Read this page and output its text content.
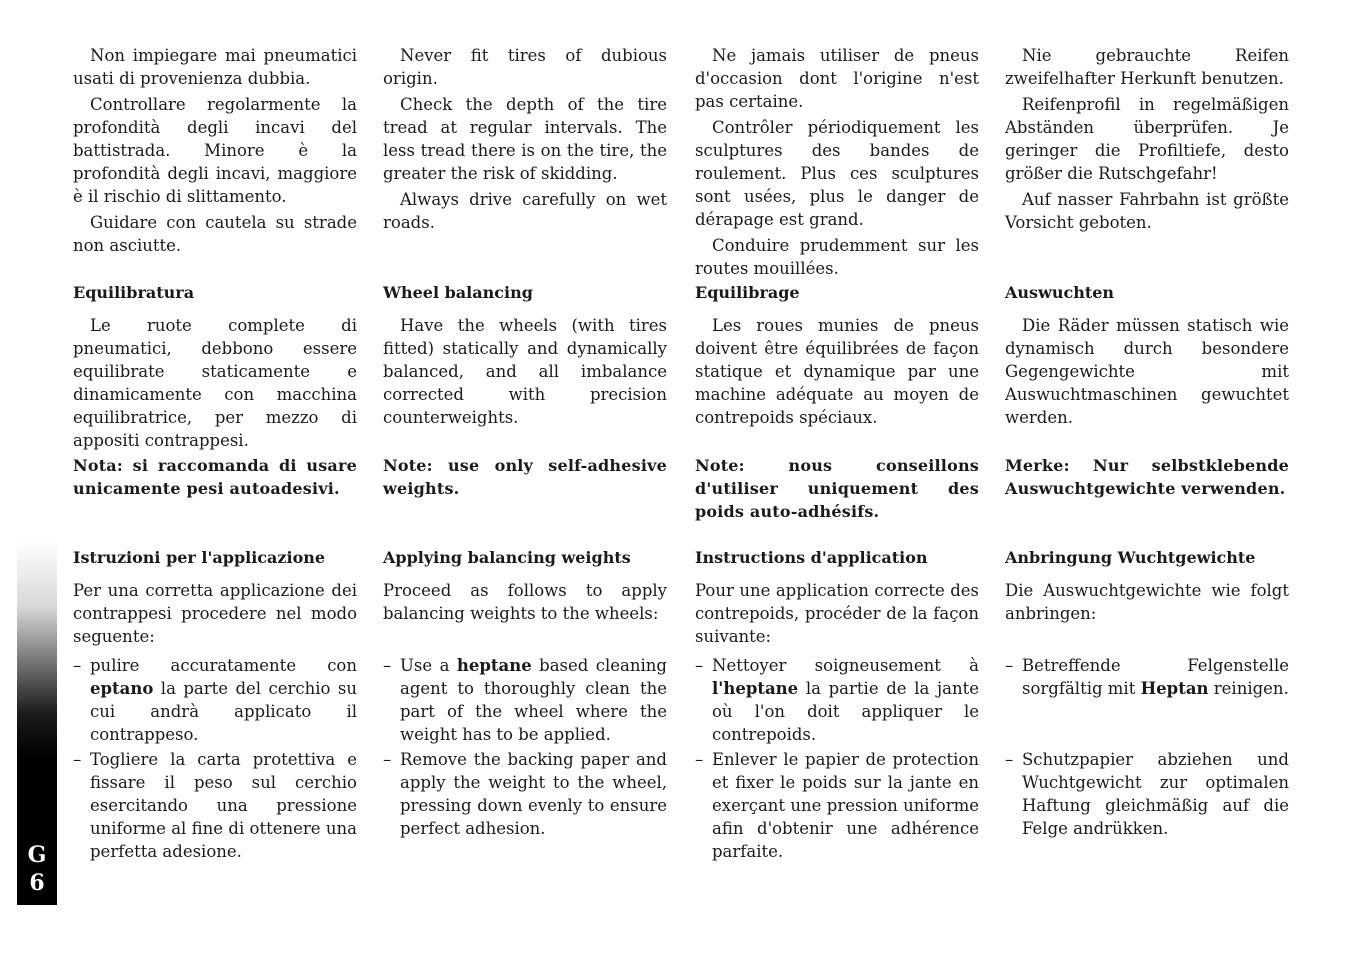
G
6

Non impiegare mai pneumatici usati di provenienza dubbia.

Controllare regolarmente la profondità degli incavi del battistrada. Minore è la profondità degli incavi, maggiore è il rischio di slittamento.

Guidare con cautela su strade non asciutte.

Equilibratura

Le ruote complete di pneumatici, debbono essere equilibrate staticamente e dinamicamente con macchina equilibratrice, per mezzo di appositi contrappesi.

Nota: si raccomanda di usare unicamente pesi autoadesivi.
Istruzioni per l'applicazione

Per una corretta applicazione dei contrappesi procedere nel modo seguente:

– pulire accuratamente con eptano la parte del cerchio su cui andrà applicato il contrappeso.
– Togliere la carta protettiva e fissare il peso sul cerchio esercitando una pressione uniforme al fine di ottenere una perfetta adesione.

Never fit tires of dubious origin.

Check the depth of the tire tread at regular intervals. The less tread there is on the tire, the greater the risk of skidding.

Always drive carefully on wet roads.

Wheel balancing

Have the wheels (with tires fitted) statically and dynamically balanced, and all imbalance corrected with precision counterweights.

Note: use only self-adhesive weights.
Applying balancing weights

Proceed as follows to apply balancing weights to the wheels:

– Use a heptane based cleaning agent to thoroughly clean the part of the wheel where the weight has to be applied.
– Remove the backing paper and apply the weight to the wheel, pressing down evenly to ensure perfect adhesion.

Ne jamais utiliser de pneus d'occasion dont l'origine n'est pas certaine.

Contrôler périodiquement les sculptures des bandes de roulement. Plus ces sculptures sont usées, plus le danger de dérapage est grand.

Conduire prudemment sur les routes mouillées.

Equilibrage

Les roues munies de pneus doivent être équilibrées de façon statique et dynamique par une machine adéquate au moyen de contrepoids spéciaux.

Note: nous conseillons d'utiliser uniquement des poids auto-adhésifs.
Instructions d'application

Pour une application correcte des contrepoids, procéder de la façon suivante:

– Nettoyer soigneusement à l'heptane la partie de la jante où l'on doit appliquer le contrepoids.
– Enlever le papier de protection et fixer le poids sur la jante en exerçant une pression uniforme afin d'obtenir une adhérence parfaite.

Nie gebrauchte Reifen zweifelhafter Herkunft benutzen.

Reifenprofil in regelmäßigen Abständen überprüfen. Je geringer die Profiltiefe, desto größer die Rutschgefahr!

Auf nasser Fahrbahn ist größte Vorsicht geboten.

Auswuchten

Die Räder müssen statisch wie dynamisch durch besondere Gegengewichte mit Auswuchtmaschinen gewuchtet werden.

Merke: Nur selbstklebende Auswuchtgewichte verwenden.
Anbringung Wuchtgewichte

Die Auswuchtgewichte wie folgt anbringen:

– Betreffende Felgenstelle sorgfältig mit Heptan reinigen.
– Schutzpapier abziehen und Wuchtgewicht zur optimalen Haftung gleichmäßig auf die Felge andrükken.
